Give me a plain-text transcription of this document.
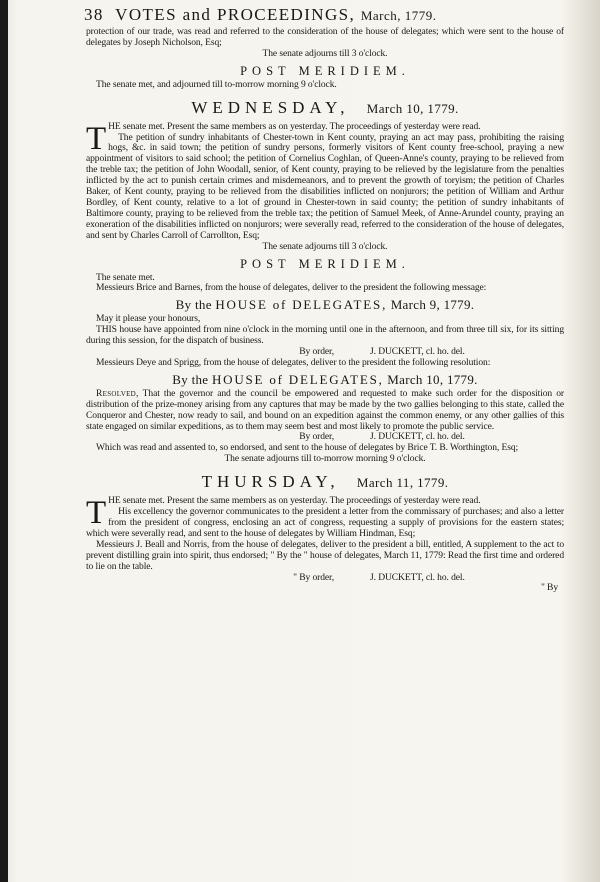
38 VOTES and PROCEEDINGS, March, 1779.

protection of our trade, was read and referred to the consideration of the house of delegates; which were sent to the house of delegates by Joseph Nicholson, Esq;

The senate adjourns till 3 o'clock.

POST MERIDIEM.

The senate met, and adjourned till to-morrow morning 9 o'clock.

WEDNESDAY, March 10, 1779.

T HE senate met. Present the same members as on yesterday. The proceedings of yesterday were read.

The petition of sundry inhabitants of Chester-town in Kent county, praying an act may pass, prohibiting the raising hogs, &c. in said town; the petition of sundry persons, formerly visitors of Kent county free-school, praying a new appointment of visitors to said school; the petition of Cornelius Coghlan, of Queen-Anne's county, praying to be relieved from the treble tax; the petition of John Woodall, senior, of Kent county, praying to be relieved by the legislature from the penalties inflicted by the act to punish certain crimes and misdemeanors, and to prevent the growth of toryism; the petition of Charles Baker, of Kent county, praying to be relieved from the disabilities inflicted on nonjurors; the petition of William and Arthur Bordley, of Kent county, relative to a lot of ground in Chester-town in said county; the petition of sundry inhabitants of Baltimore county, praying to be relieved from the treble tax; the petition of Samuel Meek, of Anne-Arundel county, praying an exoneration of the disabilities inflicted on nonjurors; were severally read, referred to the consideration of the house of delegates, and sent by Charles Carroll of Carrollton, Esq;

The senate adjourns till 3 o'clock.

POST MERIDIEM.

The senate met.

Messieurs Brice and Barnes, from the house of delegates, deliver to the president the following message:

By the HOUSE of DELEGATES, March 9, 1779.

May it please your honours,

THIS house have appointed from nine o'clock in the morning until one in the afternoon, and from three till six, for its sitting during this session, for the dispatch of business.

By order,	J. DUCKETT, cl. ho. del.

Messieurs Deye and Sprigg, from the house of delegates, deliver to the president the following resolution:

By the HOUSE of DELEGATES, March 10, 1779.

Resolved, That the governor and the council be empowered and requested to make such order for the disposition or distribution of the prize-money arising from any captures that may be made by the two gallies belonging to this state, called the Conqueror and Chester, now ready to sail, and bound on an expedition against the common enemy, or any other gallies of this state engaged on similar expeditions, as to them may seem best and most likely to promote the public service.

By order,	J. DUCKETT, cl. ho. del.

Which was read and assented to, so endorsed, and sent to the house of delegates by Brice T. B. Worthington, Esq;

The senate adjourns till to-morrow morning 9 o'clock.

THURSDAY, March 11, 1779.

T HE senate met. Present the same members as on yesterday. The proceedings of yesterday were read.

His excellency the governor communicates to the president a letter from the commissary of purchases; and also a letter from the president of congress, enclosing an act of congress, requesting a supply of provisions for the eastern states; which were severally read, and sent to the house of delegates by William Hindman, Esq;

Messieurs J. Beall and Norris, from the house of delegates, deliver to the president a bill, entitled, A supplement to the act to prevent distilling grain into spirit, thus endorsed; " By the " house of delegates, March 11, 1779: Read the first time and ordered to lie on the table.

" By order,	J. DUCKETT, cl. ho. del.
" By
